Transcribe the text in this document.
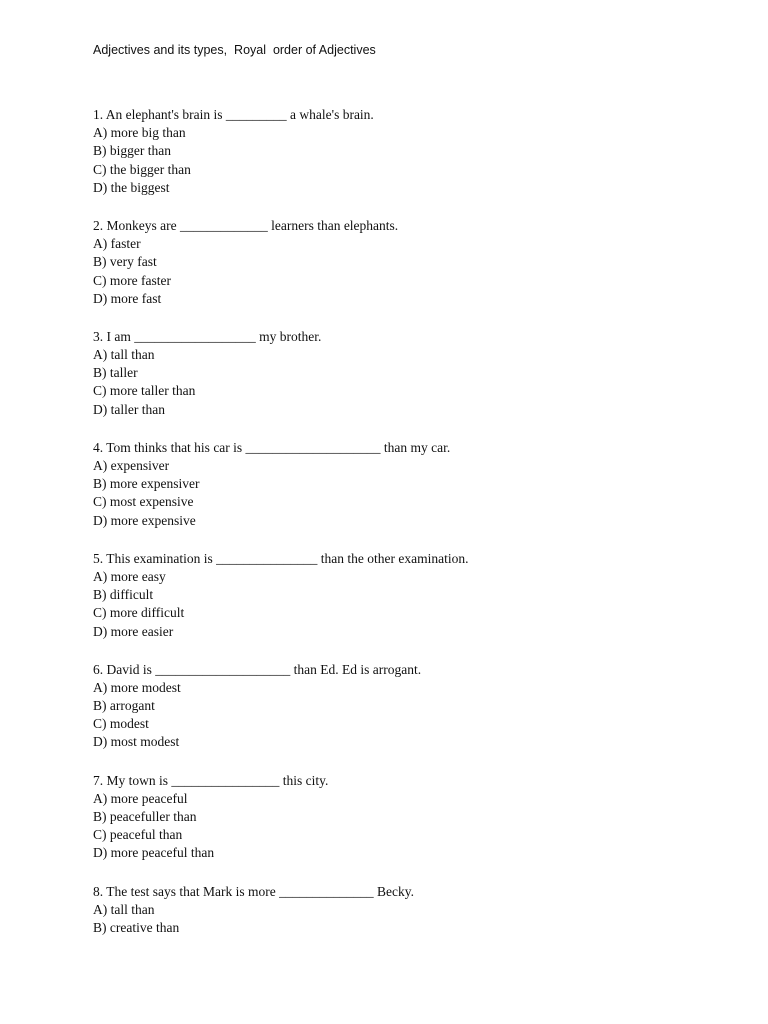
Adjectives and its types,  Royal  order of Adjectives
1. An elephant's brain is _________ a whale's brain.
A) more big than
B) bigger than
C) the bigger than
D) the biggest
2. Monkeys are _____________ learners than elephants.
A) faster
B) very fast
C) more faster
D) more fast
3. I am __________________ my brother.
A) tall than
B) taller
C) more taller than
D) taller than
4. Tom thinks that his car is ____________________ than my car.
A) expensiver
B) more expensiver
C) most expensive
D) more expensive
5. This examination is _______________ than the other examination.
A) more easy
B) difficult
C) more difficult
D) more easier
6. David is ____________________ than Ed. Ed is arrogant.
A) more modest
B) arrogant
C) modest
D) most modest
7. My town is ________________ this city.
A) more peaceful
B) peacefuller than
C) peaceful than
D) more peaceful than
8. The test says that Mark is more ______________ Becky.
A) tall than
B) creative than
